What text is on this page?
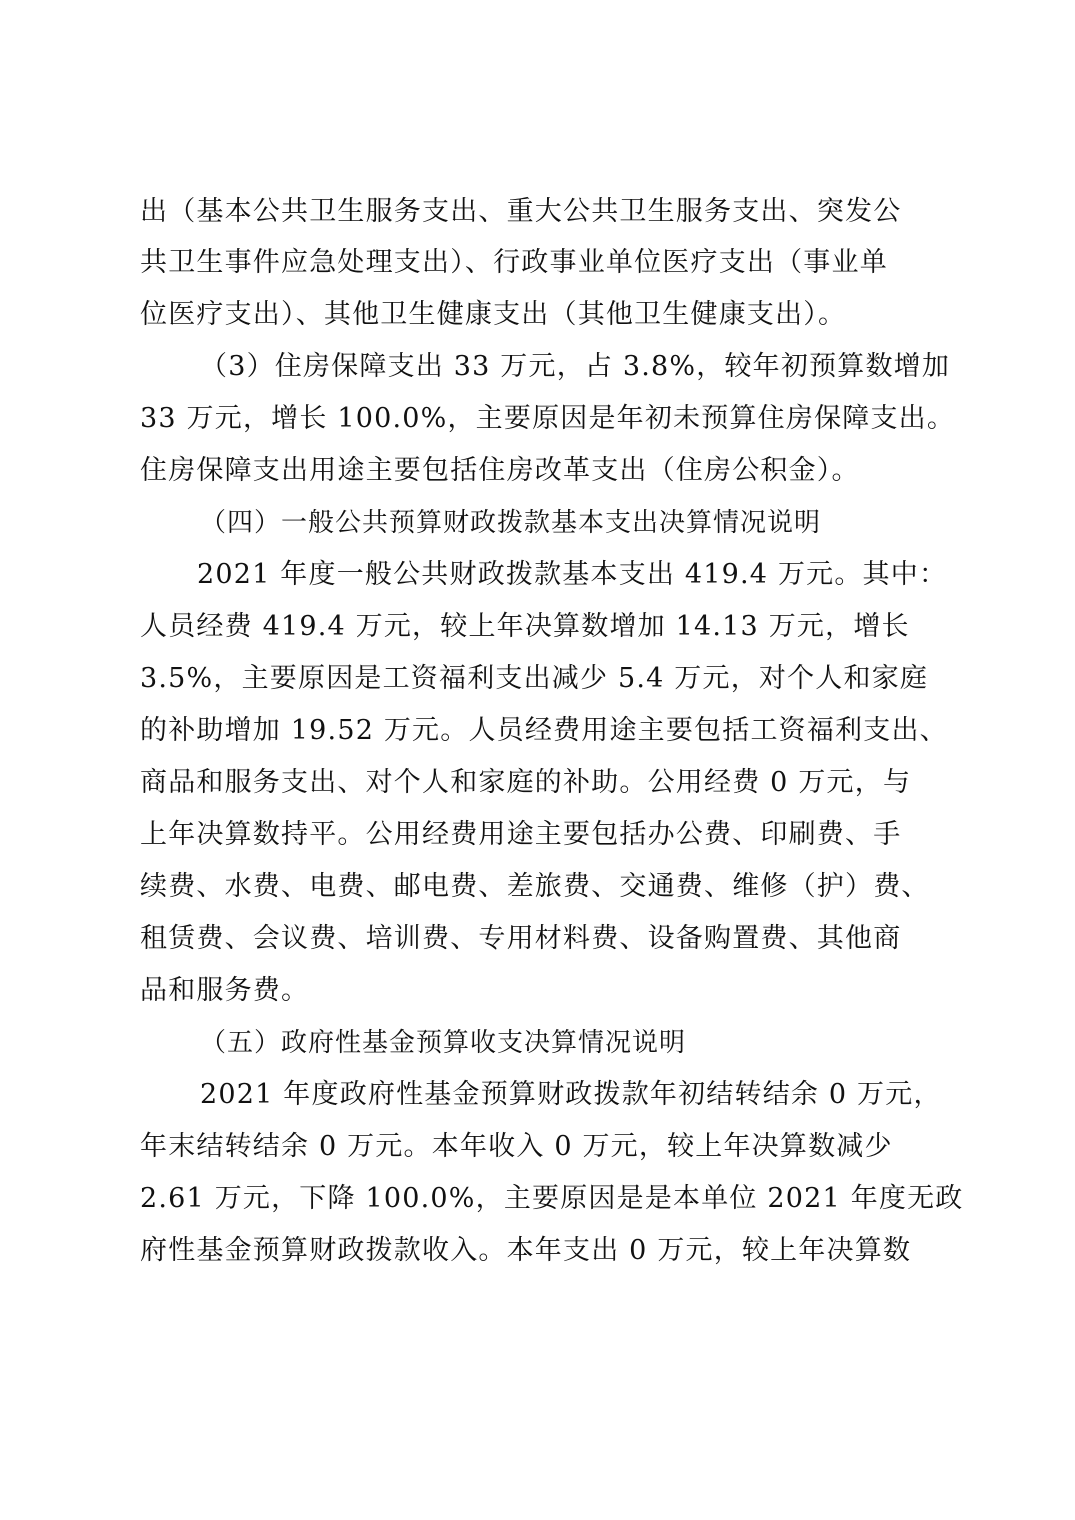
出（基本公共卫生服务支出、重大公共卫生服务支出、突发公
共卫生事件应急处理支出）、行政事业单位医疗支出（事业单
位医疗支出）、其他卫生健康支出（其他卫生健康支出）。
（3）住房保障支出 33 万元，占 3.8%，较年初预算数增加
33 万元，增长 100.0%，主要原因是年初未预算住房保障支出。
住房保障支出用途主要包括住房改革支出（住房公积金）。
（四）一般公共预算财政拨款基本支出决算情况说明
2021 年度一般公共财政拨款基本支出 419.4 万元。其中：
人员经费 419.4 万元，较上年决算数增加 14.13 万元，增长
3.5%，主要原因是工资福利支出减少 5.4 万元，对个人和家庭
的补助增加 19.52 万元。人员经费用途主要包括工资福利支出、
商品和服务支出、对个人和家庭的补助。公用经费 0 万元，与
上年决算数持平。公用经费用途主要包括办公费、印刷费、手
续费、水费、电费、邮电费、差旅费、交通费、维修（护）费、
租赁费、会议费、培训费、专用材料费、设备购置费、其他商
品和服务费。
（五）政府性基金预算收支决算情况说明
2021 年度政府性基金预算财政拨款年初结转结余 0 万元，
年末结转结余 0 万元。本年收入 0 万元，较上年决算数减少
2.61 万元，下降 100.0%，主要原因是是本单位 2021 年度无政
府性基金预算财政拨款收入。本年支出 0 万元，较上年决算数
